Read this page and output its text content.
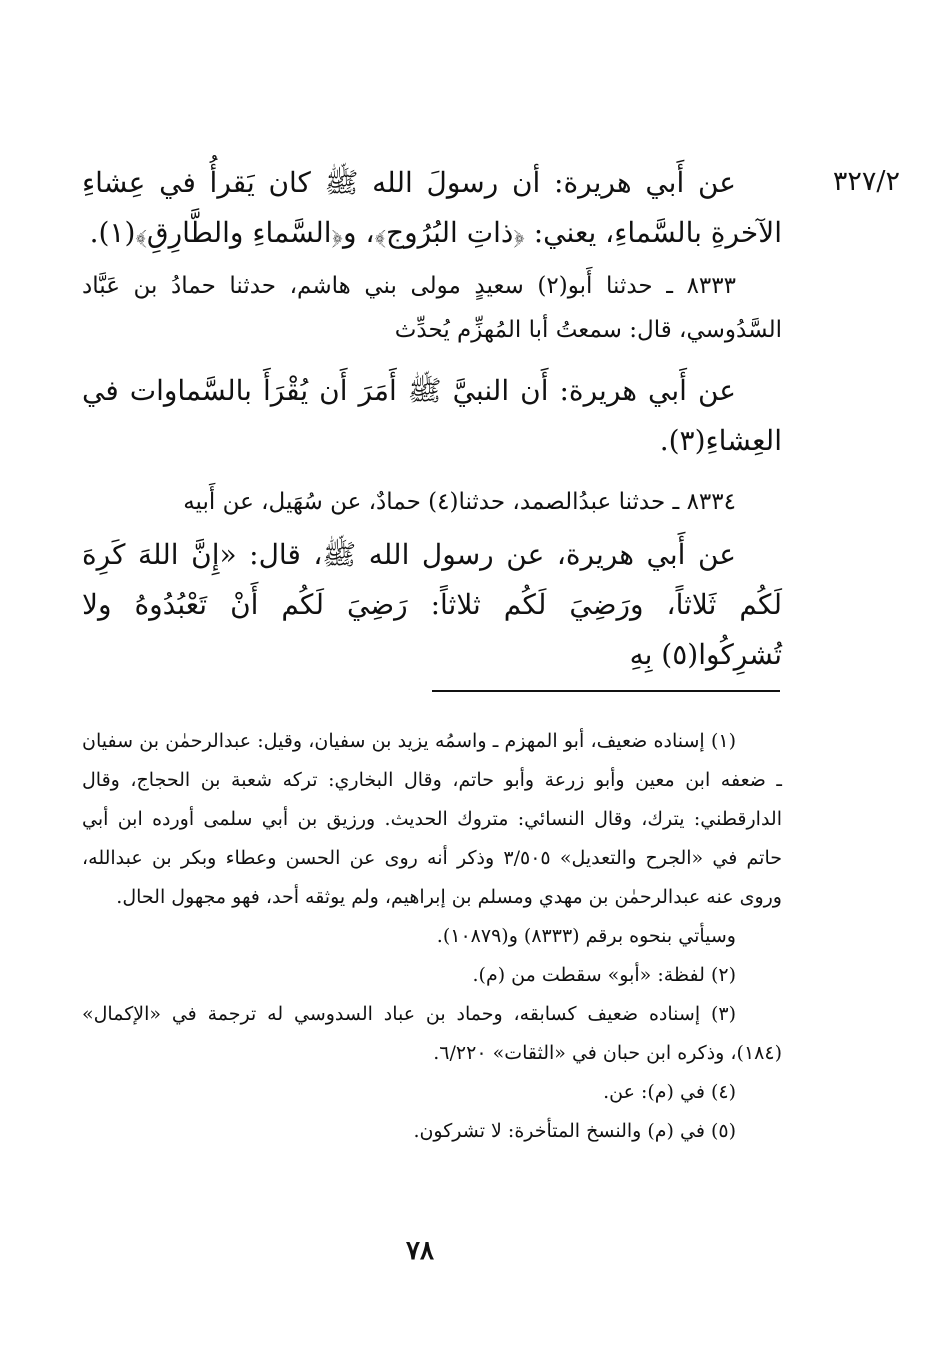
٣٢٧/٢

عن أَبي هريرة: أن رسولَ الله ﷺ كان يَقرأُ في عِشاءِ الآخرةِ بالسَّماءِ، يعني: ﴿ذاتِ البُرُوج﴾، و﴿السَّماءِ والطَّارِقِ﴾(١).

٨٣٣٣ ـ حدثنا أَبو(٢) سعيدٍ مولى بني هاشم، حدثنا حمادُ بن عَبَّاد السَّدُوسي، قال: سمعتُ أبا المُهزِّم يُحدِّث

عن أَبي هريرة: أَن النبيَّ ﷺ أَمَرَ أَن يُقْرَأَ بالسَّماوات في العِشاءِ(٣).

٨٣٣٤ ـ حدثنا عبدُالصمد، حدثنا(٤) حمادٌ، عن سُهَيل، عن أَبيه

عن أَبي هريرة، عن رسول الله ﷺ، قال: «إِنَّ اللهَ كَرِهَ لَكُم ثَلاثاً، ورَضِيَ لَكُم ثلاثاً: رَضِيَ لَكُم أَنْ تَعْبُدُوهُ ولا تُشرِكُوا(٥) بِهِ

(١) إسناده ضعيف، أبو المهزم ـ واسمُه يزيد بن سفيان، وقيل: عبدالرحمٰن بن سفيان ـ ضعفه ابن معين وأبو زرعة وأبو حاتم، وقال البخاري: تركه شعبة بن الحجاج، وقال الدارقطني: يترك، وقال النسائي: متروك الحديث. ورزيق بن أبي سلمى أورده ابن أبي حاتم في «الجرح والتعديل» ٣/٥٠٥ وذكر أنه روى عن الحسن وعطاء وبكر بن عبدالله، وروى عنه عبدالرحمٰن بن مهدي ومسلم بن إبراهيم، ولم يوثقه أحد، فهو مجهول الحال.

وسيأتي بنحوه برقم (٨٣٣٣) و(١٠٨٧٩).

(٢) لفظة: «أبو» سقطت من (م).

(٣) إسناده ضعيف كسابقه، وحماد بن عباد السدوسي له ترجمة في «الإكمال» (١٨٤)، وذكره ابن حبان في «الثقات» ٦/٢٢٠.

(٤) في (م): عن.

(٥) في (م) والنسخ المتأخرة: لا تشركون.

٧٨
